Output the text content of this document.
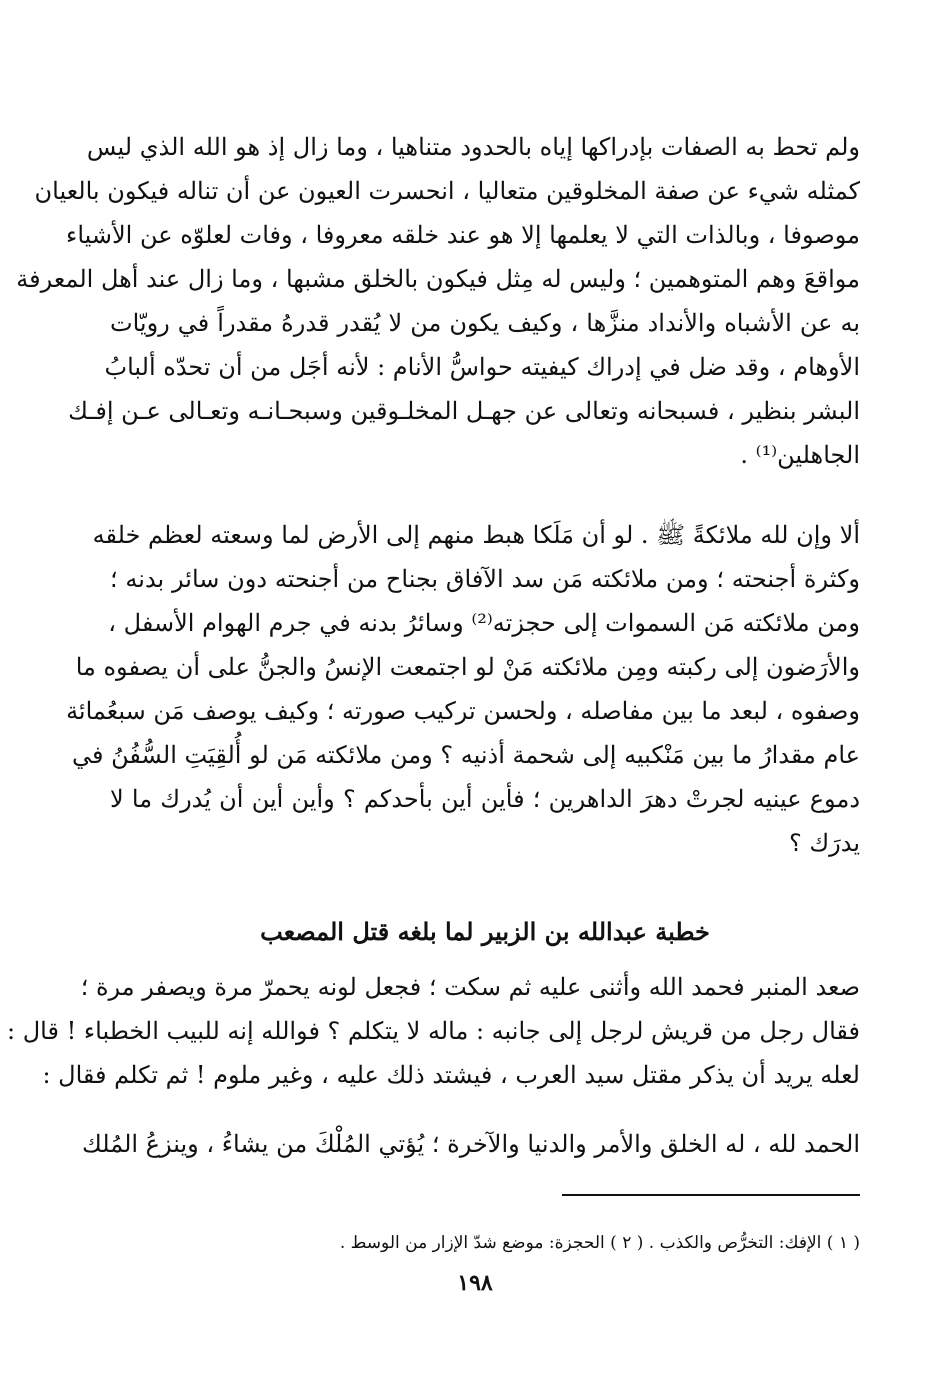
ولم تحط به الصفات بإدراكها إياه بالحدود متناهيا ، وما زال إذ هو الله الذي ليس
كمثله شيء عن صفة المخلوقين متعاليا ، انحسرت العيون عن أن تناله فيكون بالعيان
موصوفا ، وبالذات التي لا يعلمها إلا هو عند خلقه معروفا ، وفات لعلوّه عن الأشياء
مواقعَ وهم المتوهمين ؛ وليس له مِثل فيكون بالخلق مشبها ، وما زال عند أهل المعرفة
به عن الأشباه والأنداد منزَّها ، وكيف يكون من لا يُقدر قدرهُ مقدراً في رويّات
الأوهام ، وقد ضل في إدراك كيفيته حواسُّ الأنام : لأنه أجَل من أن تحدّه ألبابُ
البشر بنظير ، فسبحانه وتعالى عن جهـل المخلـوقين وسبحـانـه وتعـالى عـن إفـك
الجاهلين⁽¹⁾ .
ألا وإن لله ملائكةً ﷺ . لو أن مَلَكا هبط منهم إلى الأرض لما وسعته لعظم خلقه
وكثرة أجنحته ؛ ومن ملائكته مَن سد الآفاق بجناح من أجنحته دون سائر بدنه ؛
ومن ملائكته مَن السموات إلى حجزته⁽²⁾ وسائرُ بدنه في جرم الهوام الأسفل ،
والأرَضون إلى ركبته ومِن ملائكته مَنْ لو اجتمعت الإنسُ والجنُّ على أن يصفوه ما
وصفوه ، لبعد ما بين مفاصله ، ولحسن تركيب صورته ؛ وكيف يوصف مَن سبعُمائة
عام مقدارُ ما بين مَنْكبيه إلى شحمة أذنيه ؟ ومن ملائكته مَن لو أُلقِيَتِ السُّفُنُ في
دموع عينيه لجرتْ دهرَ الداهرين ؛ فأين أين بأحدكم ؟ وأين أين أن يُدرك ما لا
يدرَك ؟
خطبة عبدالله بن الزبير لما بلغه قتل المصعب
صعد المنبر فحمد الله وأثنى عليه ثم سكت ؛ فجعل لونه يحمرّ مرة ويصفر مرة ؛
فقال رجل من قريش لرجل إلى جانبه : ماله لا يتكلم ؟ فوالله إنه للبيب الخطباء ! قال :
لعله يريد أن يذكر مقتل سيد العرب ، فيشتد ذلك عليه ، وغير ملوم ! ثم تكلم فقال :
الحمد لله ، له الخلق والأمر والدنيا والآخرة ؛ يُؤتي المُلْكَ من يشاءُ ، وينزعُ المُلك
( ١ ) الإفك: التخرُّص والكذب . ( ٢ ) الحجزة: موضع شدّ الإزار من الوسط .
١٩٨
